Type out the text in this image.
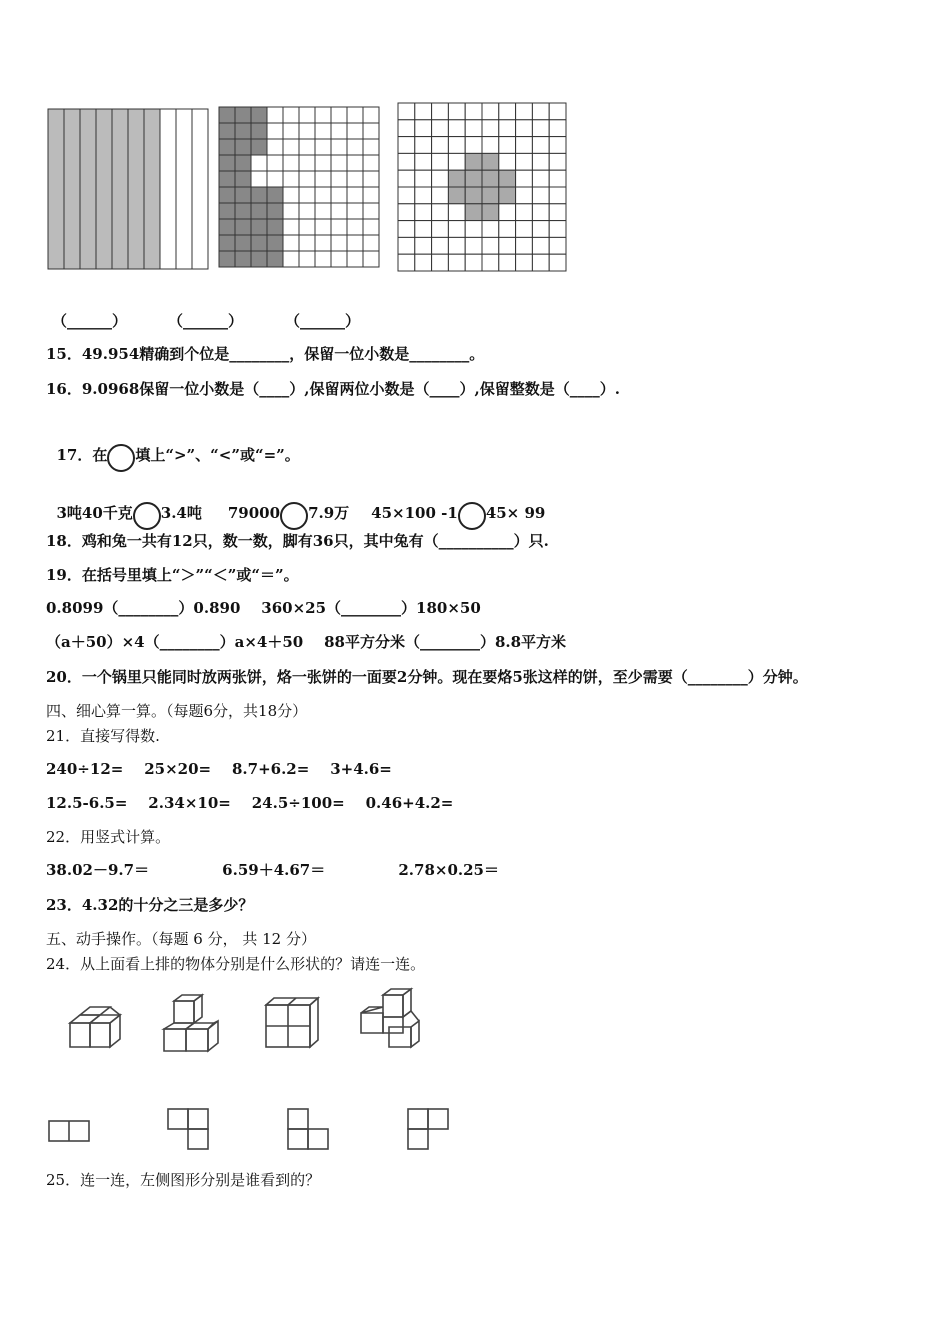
（______）	（______）	（______）
15．49.954精确到个位是________，保留一位小数是________。
16．9.0968保留一位小数是（____）,保留两位小数是（____）,保留整数是（____）.

17．在 填上“>”、“<”或“=”。

3吨40千克 3.4吨 79000 7.9万 45×100 -1 45× 99

18．鸡和兔一共有12只，数一数，脚有36只，其中兔有（__________）只.
19．在括号里填上“＞”“＜”或“＝”。
0.8099（________）0.890    360×25（________）180×50
（a＋50）×4（________）a×4＋50    88平方分米（________）8.8平方米
20．一个锅里只能同时放两张饼，烙一张饼的一面要2分钟。现在要烙5张这样的饼，至少需要（________）分钟。
四、细心算一算。（每题6分，共18分）
21．直接写得数.
240÷12=    25×20=    8.7+6.2=    3+4.6=
12.5-6.5=    2.34×10=    24.5÷100=    0.46+4.2=
22．用竖式计算。
38.02－9.7＝              6.59＋4.67＝              2.78×0.25＝
23．4.32的十分之三是多少？
五、动手操作。（每题 6 分， 共 12 分）
24．从上面看上排的物体分别是什么形状的？请连一连。
25．连一连，左侧图形分别是谁看到的？
